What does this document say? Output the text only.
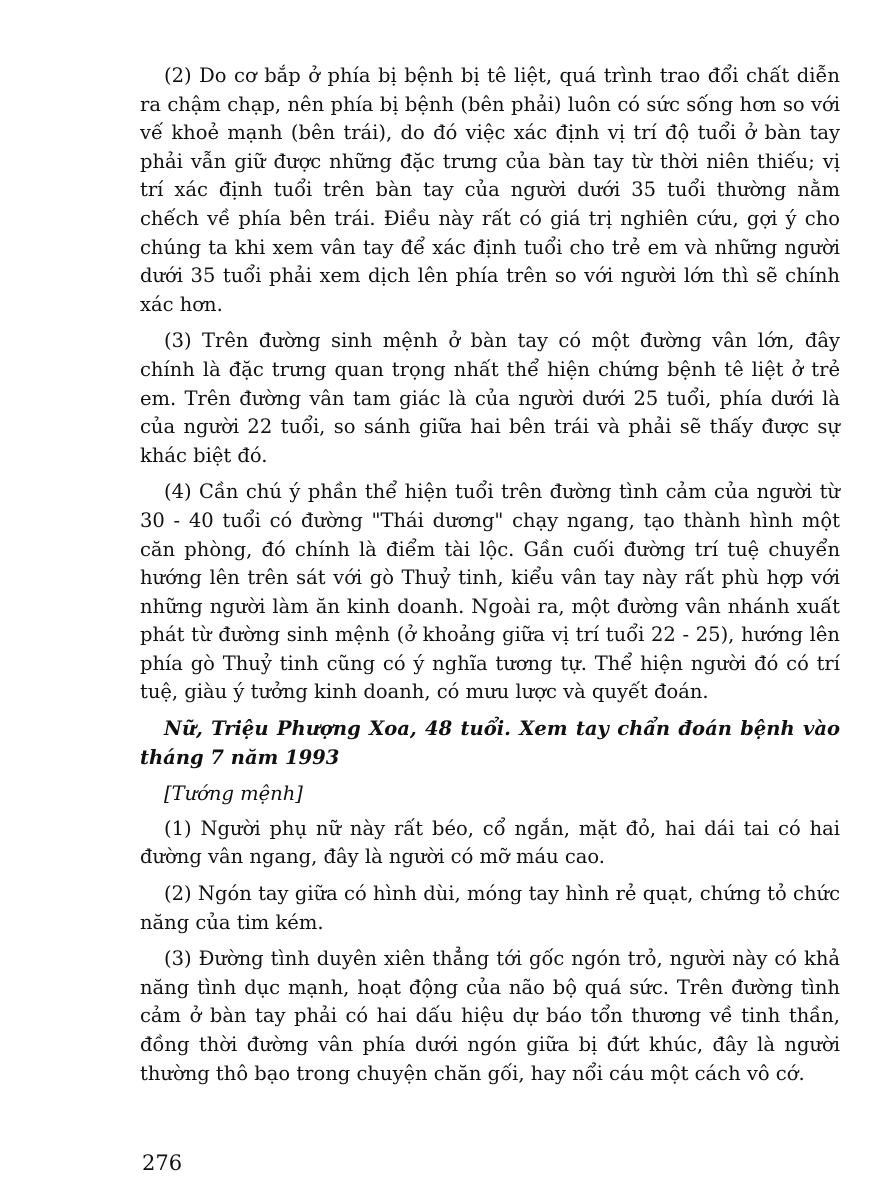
(2) Do cơ bắp ở phía bị bệnh bị tê liệt, quá trình trao đổi chất diễn ra chậm chạp, nên phía bị bệnh (bên phải) luôn có sức sống hơn so với vế khoẻ mạnh (bên trái), do đó việc xác định vị trí độ tuổi ở bàn tay phải vẫn giữ được những đặc trưng của bàn tay từ thời niên thiếu; vị trí xác định tuổi trên bàn tay của người dưới 35 tuổi thường nằm chếch về phía bên trái. Điều này rất có giá trị nghiên cứu, gợi ý cho chúng ta khi xem vân tay để xác định tuổi cho trẻ em và những người dưới 35 tuổi phải xem dịch lên phía trên so với người lớn thì sẽ chính xác hơn.

(3) Trên đường sinh mệnh ở bàn tay có một đường vân lớn, đây chính là đặc trưng quan trọng nhất thể hiện chứng bệnh tê liệt ở trẻ em. Trên đường vân tam giác là của người dưới 25 tuổi, phía dưới là của người 22 tuổi, so sánh giữa hai bên trái và phải sẽ thấy được sự khác biệt đó.

(4) Cần chú ý phần thể hiện tuổi trên đường tình cảm của người từ 30 - 40 tuổi có đường "Thái dương" chạy ngang, tạo thành hình một căn phòng, đó chính là điểm tài lộc. Gần cuối đường trí tuệ chuyển hướng lên trên sát với gò Thuỷ tinh, kiểu vân tay này rất phù hợp với những người làm ăn kinh doanh. Ngoài ra, một đường vân nhánh xuất phát từ đường sinh mệnh (ở khoảng giữa vị trí tuổi 22 - 25), hướng lên phía gò Thuỷ tinh cũng có ý nghĩa tương tự. Thể hiện người đó có trí tuệ, giàu ý tưởng kinh doanh, có mưu lược và quyết đoán.

Nữ, Triệu Phượng Xoa, 48 tuổi. Xem tay chẩn đoán bệnh vào tháng 7 năm 1993

[Tướng mệnh]

(1) Người phụ nữ này rất béo, cổ ngắn, mặt đỏ, hai dái tai có hai đường vân ngang, đây là người có mỡ máu cao.

(2) Ngón tay giữa có hình dùi, móng tay hình rẻ quạt, chứng tỏ chức năng của tim kém.

(3) Đường tình duyên xiên thẳng tới gốc ngón trỏ, người này có khả năng tình dục mạnh, hoạt động của não bộ quá sức. Trên đường tình cảm ở bàn tay phải có hai dấu hiệu dự báo tổn thương về tinh thần, đồng thời đường vân phía dưới ngón giữa bị đứt khúc, đây là người thường thô bạo trong chuyện chăn gối, hay nổi cáu một cách vô cớ.

276
